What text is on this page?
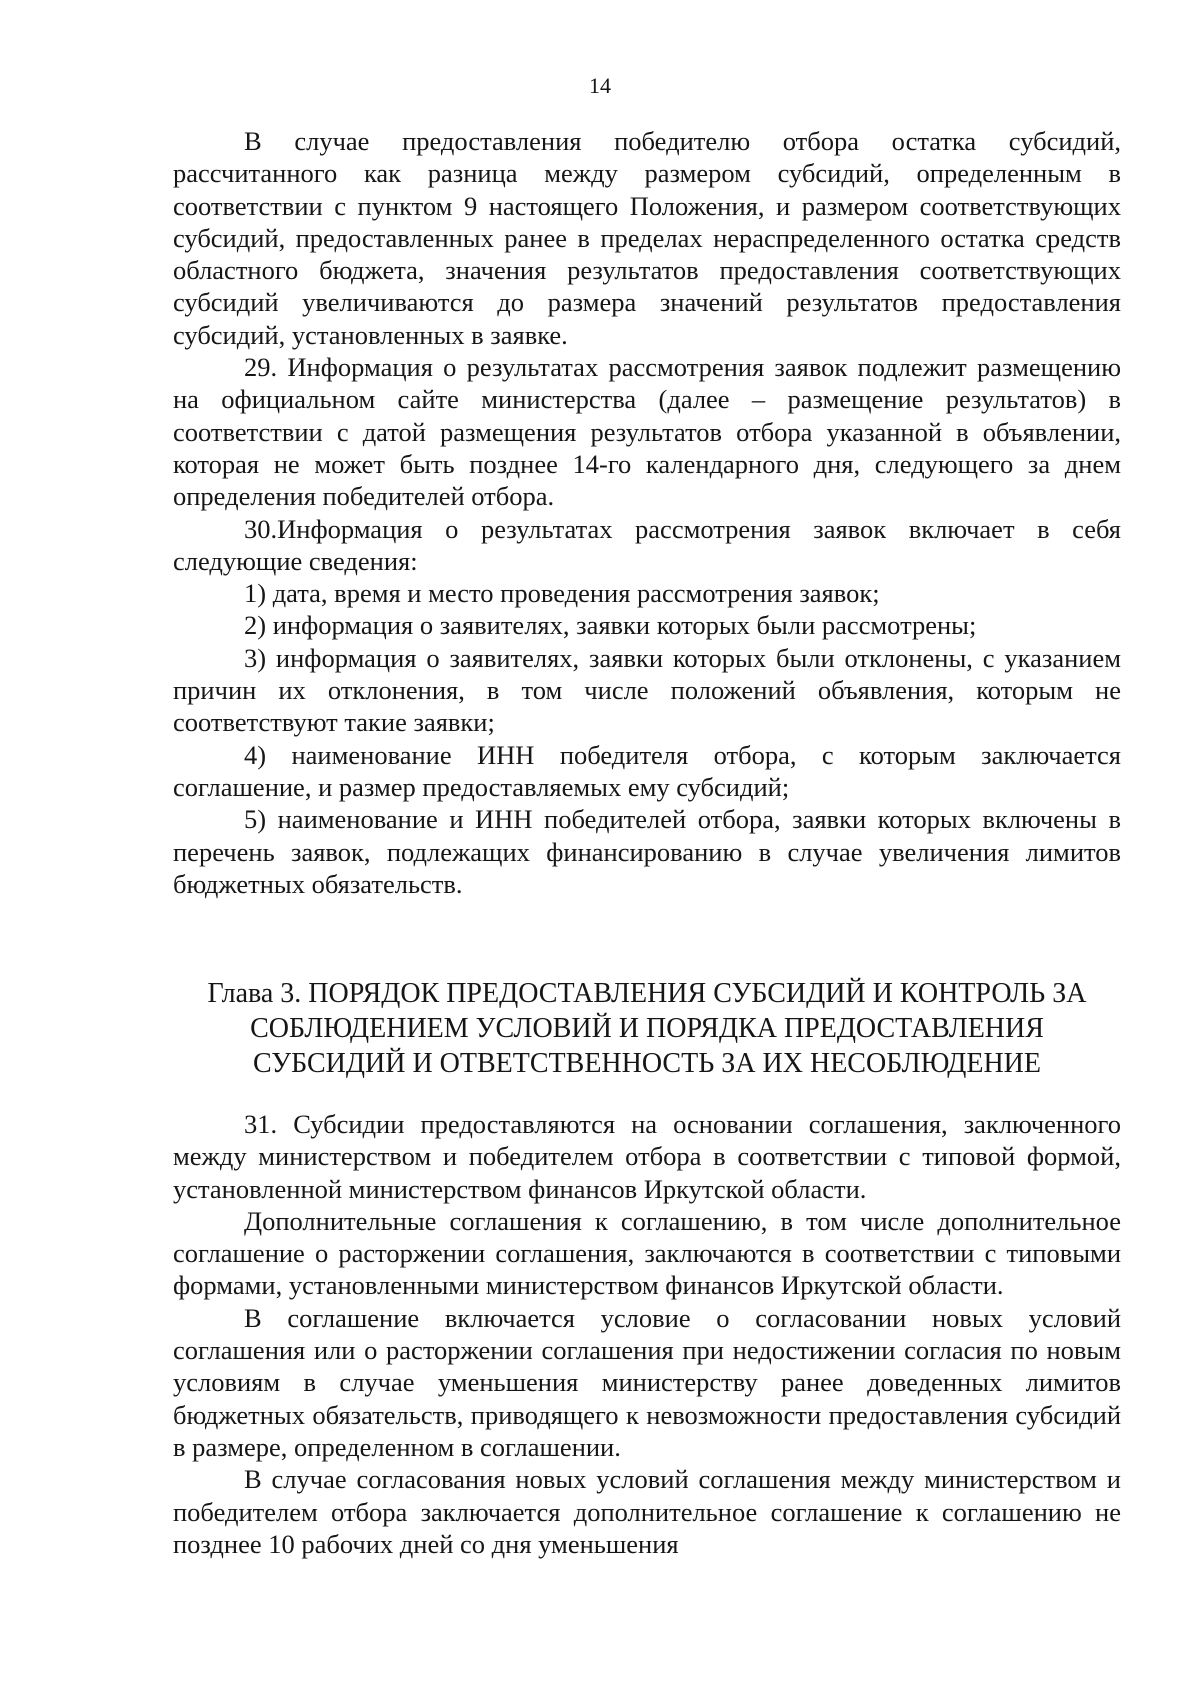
14

В случае предоставления победителю отбора остатка субсидий, рассчитанного как разница между размером субсидий, определенным в соответствии с пунктом 9 настоящего Положения, и размером соответствующих субсидий, предоставленных ранее в пределах нераспределенного остатка средств областного бюджета, значения результатов предоставления соответствующих субсидий увеличиваются до размера значений результатов предоставления субсидий, установленных в заявке.

29. Информация о результатах рассмотрения заявок подлежит размещению на официальном сайте министерства (далее – размещение результатов) в соответствии с датой размещения результатов отбора указанной в объявлении, которая не может быть позднее 14-го календарного дня, следующего за днем определения победителей отбора.

30.Информация о результатах рассмотрения заявок включает в себя следующие сведения:

1) дата, время и место проведения рассмотрения заявок;

2) информация о заявителях, заявки которых были рассмотрены;

3) информация о заявителях, заявки которых были отклонены, с указанием причин их отклонения, в том числе положений объявления, которым не соответствуют такие заявки;

4) наименование ИНН победителя отбора, с которым заключается соглашение, и размер предоставляемых ему субсидий;

5) наименование и ИНН победителей отбора, заявки которых включены в перечень заявок, подлежащих финансированию в случае увеличения лимитов бюджетных обязательств.

Глава 3. ПОРЯДОК ПРЕДОСТАВЛЕНИЯ СУБСИДИЙ И КОНТРОЛЬ ЗА
СОБЛЮДЕНИЕМ УСЛОВИЙ И ПОРЯДКА ПРЕДОСТАВЛЕНИЯ
СУБСИДИЙ И ОТВЕТСТВЕННОСТЬ ЗА ИХ НЕСОБЛЮДЕНИЕ

31. Субсидии предоставляются на основании соглашения, заключенного между министерством и победителем отбора в соответствии с типовой формой, установленной министерством финансов Иркутской области.

Дополнительные соглашения к соглашению, в том числе дополнительное соглашение о расторжении соглашения, заключаются в соответствии с типовыми формами, установленными министерством финансов Иркутской области.

В соглашение включается условие о согласовании новых условий соглашения или о расторжении соглашения при недостижении согласия по новым условиям в случае уменьшения министерству ранее доведенных лимитов бюджетных обязательств, приводящего к невозможности предоставления субсидий в размере, определенном в соглашении.

В случае согласования новых условий соглашения между министерством и победителем отбора заключается дополнительное соглашение к соглашению не позднее 10 рабочих дней со дня уменьшения
